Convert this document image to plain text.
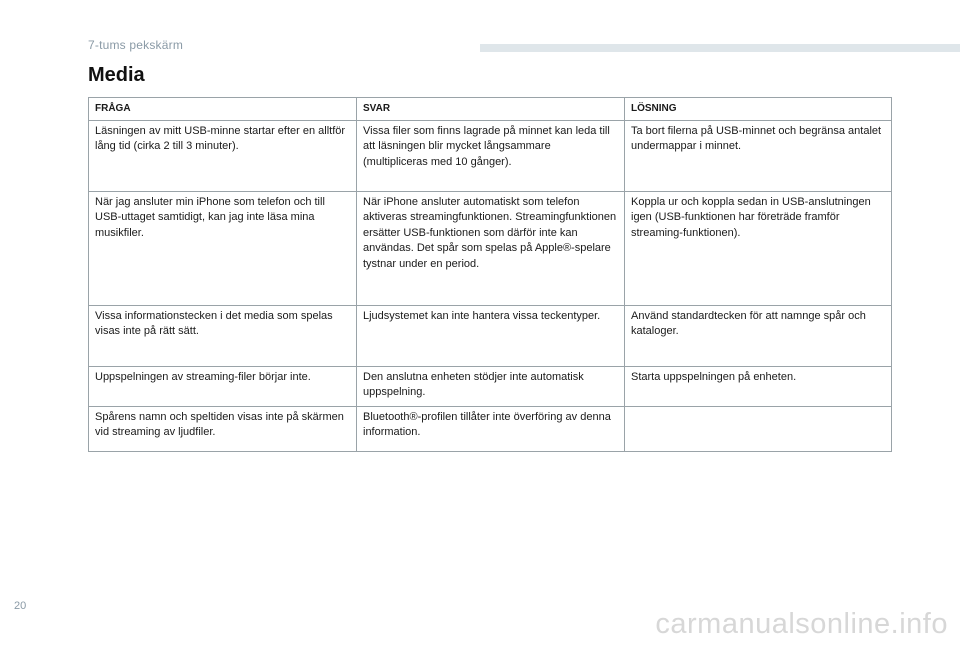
7-tums pekskärm
Media
FRÅGA	SVAR	LÖSNING
Läsningen av mitt USB-minne startar efter en alltför lång tid (cirka 2 till 3 minuter).	Vissa filer som finns lagrade på minnet kan leda till att läsningen blir mycket långsammare (multipliceras med 10 gånger).	Ta bort filerna på USB-minnet och begränsa antalet undermappar i minnet.
När jag ansluter min iPhone som telefon och till USB-uttaget samtidigt, kan jag inte läsa mina musikfiler.	När iPhone ansluter automatiskt som telefon aktiveras streamingfunktionen. Streamingfunktionen ersätter USB-funktionen som därför inte kan användas. Det spår som spelas på Apple®-spelare tystnar under en period.	Koppla ur och koppla sedan in USB-anslutningen igen (USB-funktionen har företräde framför streaming-funktionen).
Vissa informationstecken i det media som spelas visas inte på rätt sätt.	Ljudsystemet kan inte hantera vissa teckentyper.	Använd standardtecken för att namnge spår och kataloger.
Uppspelningen av streaming-filer börjar inte.	Den anslutna enheten stödjer inte automatisk uppspelning.	Starta uppspelningen på enheten.
Spårens namn och speltiden visas inte på skärmen vid streaming av ljudfiler.	Bluetooth®-profilen tillåter inte överföring av denna information.	
20
carmanualsonline.info
